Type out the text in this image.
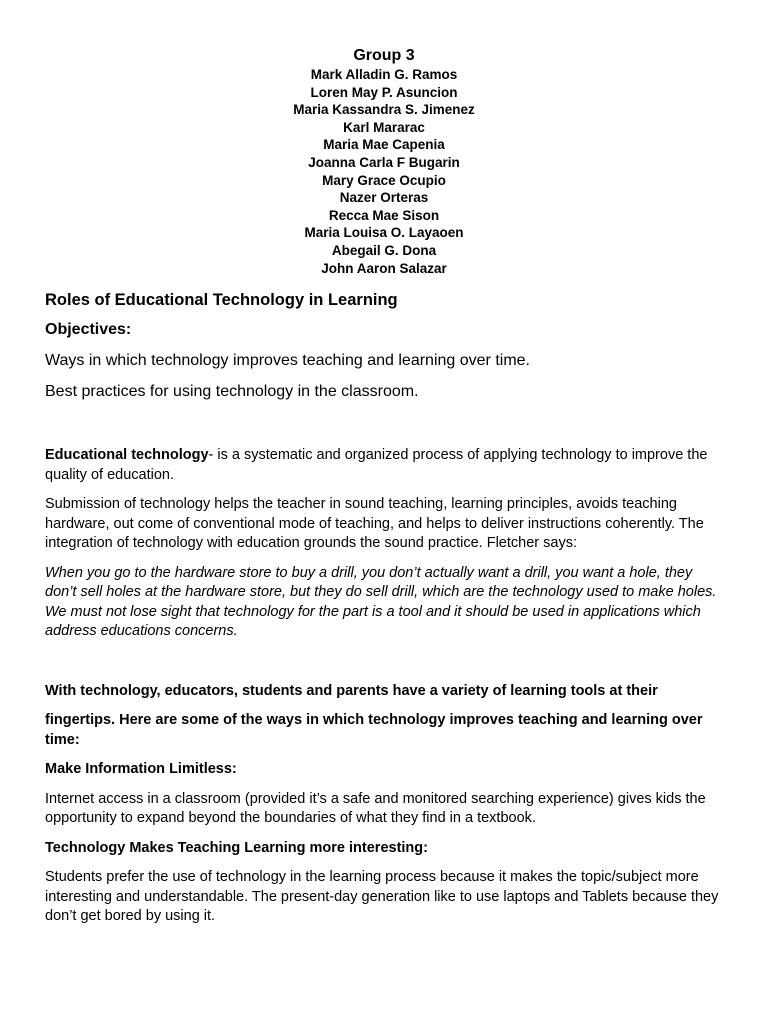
Group 3
Mark Alladin G. Ramos
Loren May P. Asuncion
Maria Kassandra S. Jimenez
Karl Mararac
Maria Mae Capenia
Joanna Carla F Bugarin
Mary Grace Ocupio
Nazer Orteras
Recca Mae Sison
Maria Louisa O. Layaoen
Abegail G. Dona
John Aaron Salazar
Roles of Educational Technology in Learning
Objectives:
Ways in which technology improves teaching and learning over time.
Best practices for using technology in the classroom.

Educational technology- is a systematic and organized process of applying technology to improve the quality of education.

Submission of technology helps the teacher in sound teaching, learning principles, avoids teaching hardware, out come of conventional mode of teaching, and helps to deliver instructions coherently. The integration of technology with education grounds the sound practice. Fletcher says:

When you go to the hardware store to buy a drill, you don’t actually want a drill, you want a hole, they don’t sell holes at the hardware store, but they do sell drill, which are the technology used to make holes. We must not lose sight that technology for the part is a tool and it should be used in applications which address educations concerns.

With technology, educators, students and parents have a variety of learning tools at their

fingertips. Here are some of the ways in which technology improves teaching and learning over time:

Make Information Limitless:

Internet access in a classroom (provided it’s a safe and monitored searching experience) gives kids the opportunity to expand beyond the boundaries of what they find in a textbook.

Technology Makes Teaching Learning more interesting:

Students prefer the use of technology in the learning process because it makes the topic/subject more interesting and understandable. The present-day generation like to use laptops and Tablets because they don’t get bored by using it.
